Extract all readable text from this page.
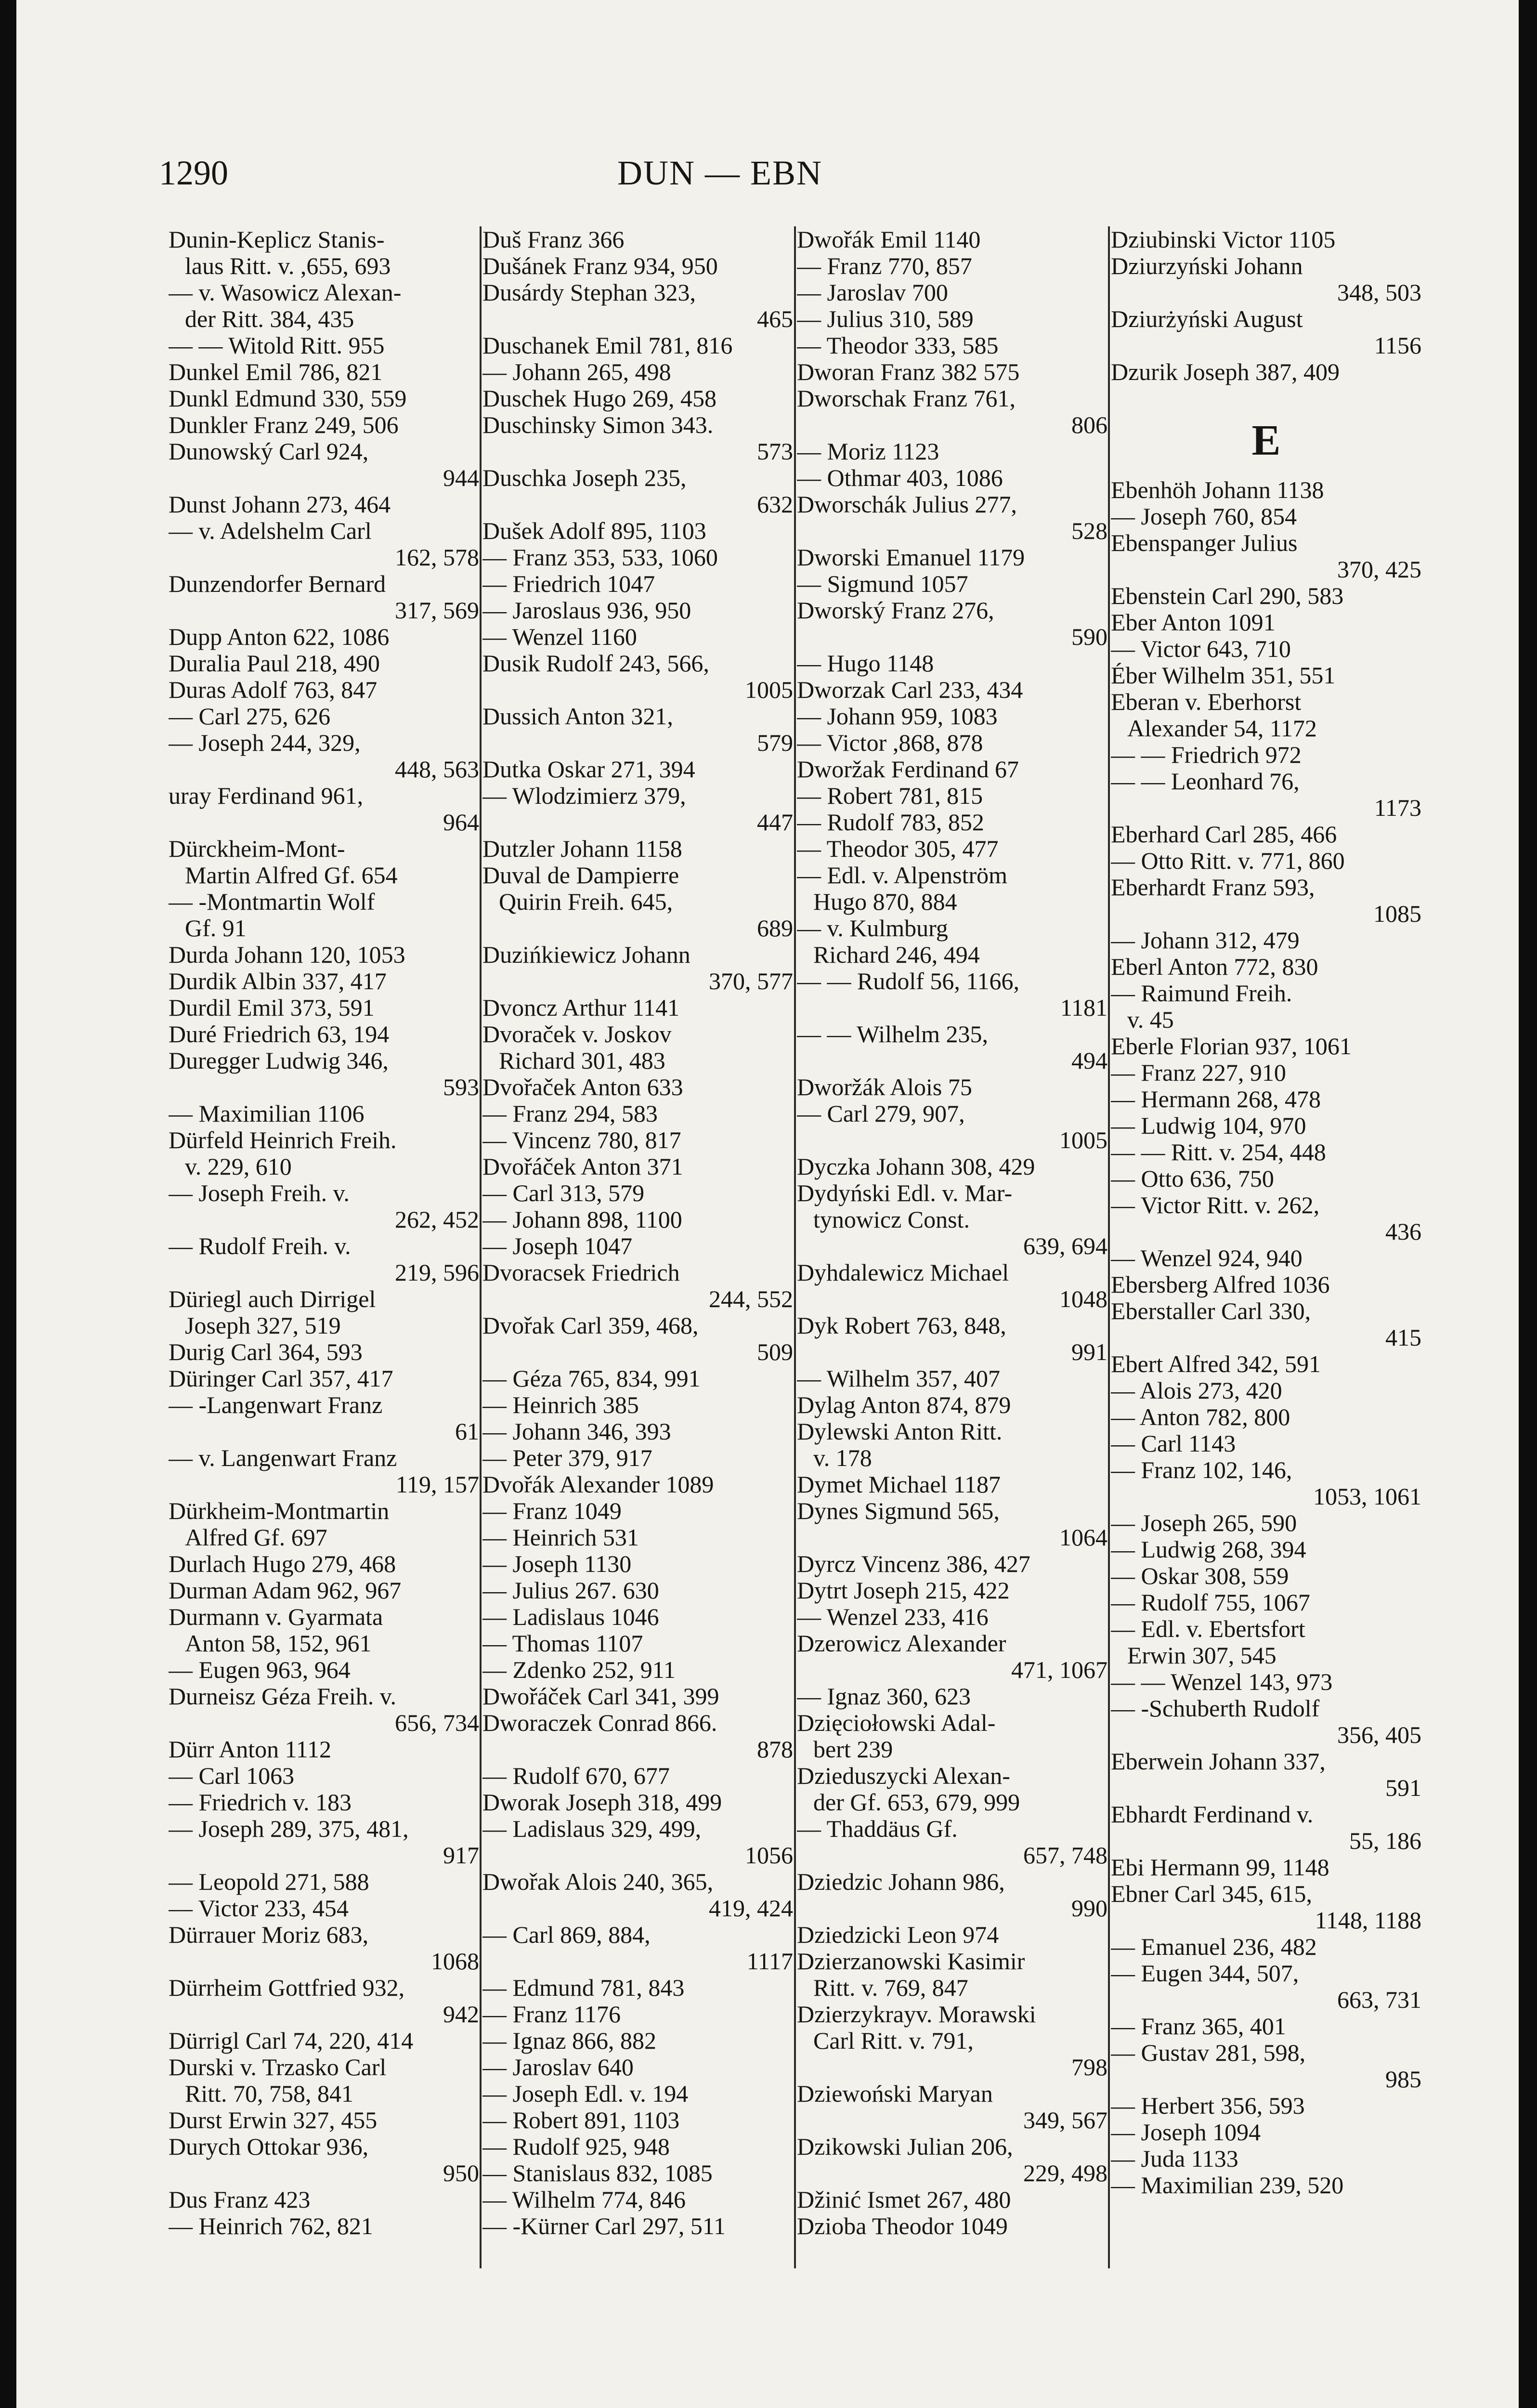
1290	DUN — EBN
Dunin-Keplicz Stanis-
laus Ritt. v. ,655, 693
— v. Wasowicz Alexan-
der Ritt. 384, 435
— — Witold Ritt. 955
Dunkel Emil 786, 821
Dunkl Edmund 330, 559
Dunkler Franz 249, 506
Dunowský Carl 924,
944
Dunst Johann 273, 464
— v. Adelshelm Carl
162, 578
Dunzendorfer Bernard
317, 569
Dupp Anton 622, 1086
Duralia Paul 218, 490
Duras Adolf 763, 847
— Carl 275, 626
— Joseph 244, 329,
448, 563
uray Ferdinand 961,
964
Dürckheim-Mont-
Martin Alfred Gf. 654
— -Montmartin Wolf
Gf. 91
Durda Johann 120, 1053
Durdik Albin 337, 417
Durdil Emil 373, 591
Duré Friedrich 63, 194
Duregger Ludwig 346,
593
— Maximilian 1106
Dürfeld Heinrich Freih.
v. 229, 610
— Joseph Freih. v.
262, 452
— Rudolf Freih. v.
219, 596
Düriegl auch Dirrigel
Joseph 327, 519
Durig Carl 364, 593
Düringer Carl 357, 417
— -Langenwart Franz
61
— v. Langenwart Franz
119, 157
Dürkheim-Montmartin
Alfred Gf. 697
Durlach Hugo 279, 468
Durman Adam 962, 967
Durmann v. Gyarmata
Anton 58, 152, 961
— Eugen 963, 964
Durneisz Géza Freih. v.
656, 734
Dürr Anton 1112
— Carl 1063
— Friedrich v. 183
— Joseph 289, 375, 481,
917
— Leopold 271, 588
— Victor 233, 454
Dürrauer Moriz 683,
1068
Dürrheim Gottfried 932,
942
Dürrigl Carl 74, 220, 414
Durski v. Trzasko Carl
Ritt. 70, 758, 841
Durst Erwin 327, 455
Durych Ottokar 936,
950
Dus Franz 423
— Heinrich 762, 821
Duš Franz 366
Dušánek Franz 934, 950
Dusárdy Stephan 323,
465
Duschanek Emil 781, 816
— Johann 265, 498
Duschek Hugo 269, 458
Duschinsky Simon 343.
573
Duschka Joseph 235,
632
Dušek Adolf 895, 1103
— Franz 353, 533, 1060
— Friedrich 1047
— Jaroslaus 936, 950
— Wenzel 1160
Dusik Rudolf 243, 566,
1005
Dussich Anton 321,
579
Dutka Oskar 271, 394
— Wlodzimierz 379,
447
Dutzler Johann 1158
Duval de Dampierre
Quirin Freih. 645,
689
Duzińkiewicz Johann
370, 577
Dvoncz Arthur 1141
Dvoraček v. Joskov
Richard 301, 483
Dvořaček Anton 633
— Franz 294, 583
— Vincenz 780, 817
Dvořáček Anton 371
— Carl 313, 579
— Johann 898, 1100
— Joseph 1047
Dvoracsek Friedrich
244, 552
Dvořak Carl 359, 468,
509
— Géza 765, 834, 991
— Heinrich 385
— Johann 346, 393
— Peter 379, 917
Dvořák Alexander 1089
— Franz 1049
— Heinrich 531
— Joseph 1130
— Julius 267. 630
— Ladislaus 1046
— Thomas 1107
— Zdenko 252, 911
Dwořáček Carl 341, 399
Dworaczek Conrad 866.
878
— Rudolf 670, 677
Dworak Joseph 318, 499
— Ladislaus 329, 499,
1056
Dwořak Alois 240, 365,
419, 424
— Carl 869, 884,
1117
— Edmund 781, 843
— Franz 1176
— Ignaz 866, 882
— Jaroslav 640
— Joseph Edl. v. 194
— Robert 891, 1103
— Rudolf 925, 948
— Stanislaus 832, 1085
— Wilhelm 774, 846
— -Kürner Carl 297, 511
Dwořák Emil 1140
— Franz 770, 857
— Jaroslav 700
— Julius 310, 589
— Theodor 333, 585
Dworan Franz 382 575
Dworschak Franz 761,
806
— Moriz 1123
— Othmar 403, 1086
Dworschák Julius 277,
528
Dworski Emanuel 1179
— Sigmund 1057
Dworský Franz 276,
590
— Hugo 1148
Dworzak Carl 233, 434
— Johann 959, 1083
— Victor ,868, 878
Dworžak Ferdinand 67
— Robert 781, 815
— Rudolf 783, 852
— Theodor 305, 477
— Edl. v. Alpenström
Hugo 870, 884
— v. Kulmburg
Richard 246, 494
— — Rudolf 56, 1166,
1181
— — Wilhelm 235,
494
Dworžák Alois 75
— Carl 279, 907,
1005
Dyczka Johann 308, 429
Dydyński Edl. v. Mar-
tynowicz Const.
639, 694
Dyhdalewicz Michael
1048
Dyk Robert 763, 848,
991
— Wilhelm 357, 407
Dylag Anton 874, 879
Dylewski Anton Ritt.
v. 178
Dymet Michael 1187
Dynes Sigmund 565,
1064
Dyrcz Vincenz 386, 427
Dytrt Joseph 215, 422
— Wenzel 233, 416
Dzerowicz Alexander
471, 1067
— Ignaz 360, 623
Dzięciołowski Adal-
bert 239
Dzieduszycki Alexan-
der Gf. 653, 679, 999
— Thaddäus Gf.
657, 748
Dziedzic Johann 986,
990
Dziedzicki Leon 974
Dzierzanowski Kasimir
Ritt. v. 769, 847
Dzierzykrayv. Morawski
Carl Ritt. v. 791,
798
Dziewoński Maryan
349, 567
Dzikowski Julian 206,
229, 498
Džinić Ismet 267, 480
Dzioba Theodor 1049
Dziubinski Victor 1105
Dziurzyński Johann
348, 503
Dziurżyński August
1156
Dzurik Joseph 387, 409
E
Ebenhöh Johann 1138
— Joseph 760, 854
Ebenspanger Julius
370, 425
Ebenstein Carl 290, 583
Eber Anton 1091
— Victor 643, 710
Éber Wilhelm 351, 551
Eberan v. Eberhorst
Alexander 54, 1172
— — Friedrich 972
— — Leonhard 76,
1173
Eberhard Carl 285, 466
— Otto Ritt. v. 771, 860
Eberhardt Franz 593,
1085
— Johann 312, 479
Eberl Anton 772, 830
— Raimund Freih.
v. 45
Eberle Florian 937, 1061
— Franz 227, 910
— Hermann 268, 478
— Ludwig 104, 970
— — Ritt. v. 254, 448
— Otto 636, 750
— Victor Ritt. v. 262,
436
— Wenzel 924, 940
Ebersberg Alfred 1036
Eberstaller Carl 330,
415
Ebert Alfred 342, 591
— Alois 273, 420
— Anton 782, 800
— Carl 1143
— Franz 102, 146,
1053, 1061
— Joseph 265, 590
— Ludwig 268, 394
— Oskar 308, 559
— Rudolf 755, 1067
— Edl. v. Ebertsfort
Erwin 307, 545
— — Wenzel 143, 973
— -Schuberth Rudolf
356, 405
Eberwein Johann 337,
591
Ebhardt Ferdinand v.
55, 186
Ebi Hermann 99, 1148
Ebner Carl 345, 615,
1148, 1188
— Emanuel 236, 482
— Eugen 344, 507,
663, 731
— Franz 365, 401
— Gustav 281, 598,
985
— Herbert 356, 593
— Joseph 1094
— Juda 1133
— Maximilian 239, 520
